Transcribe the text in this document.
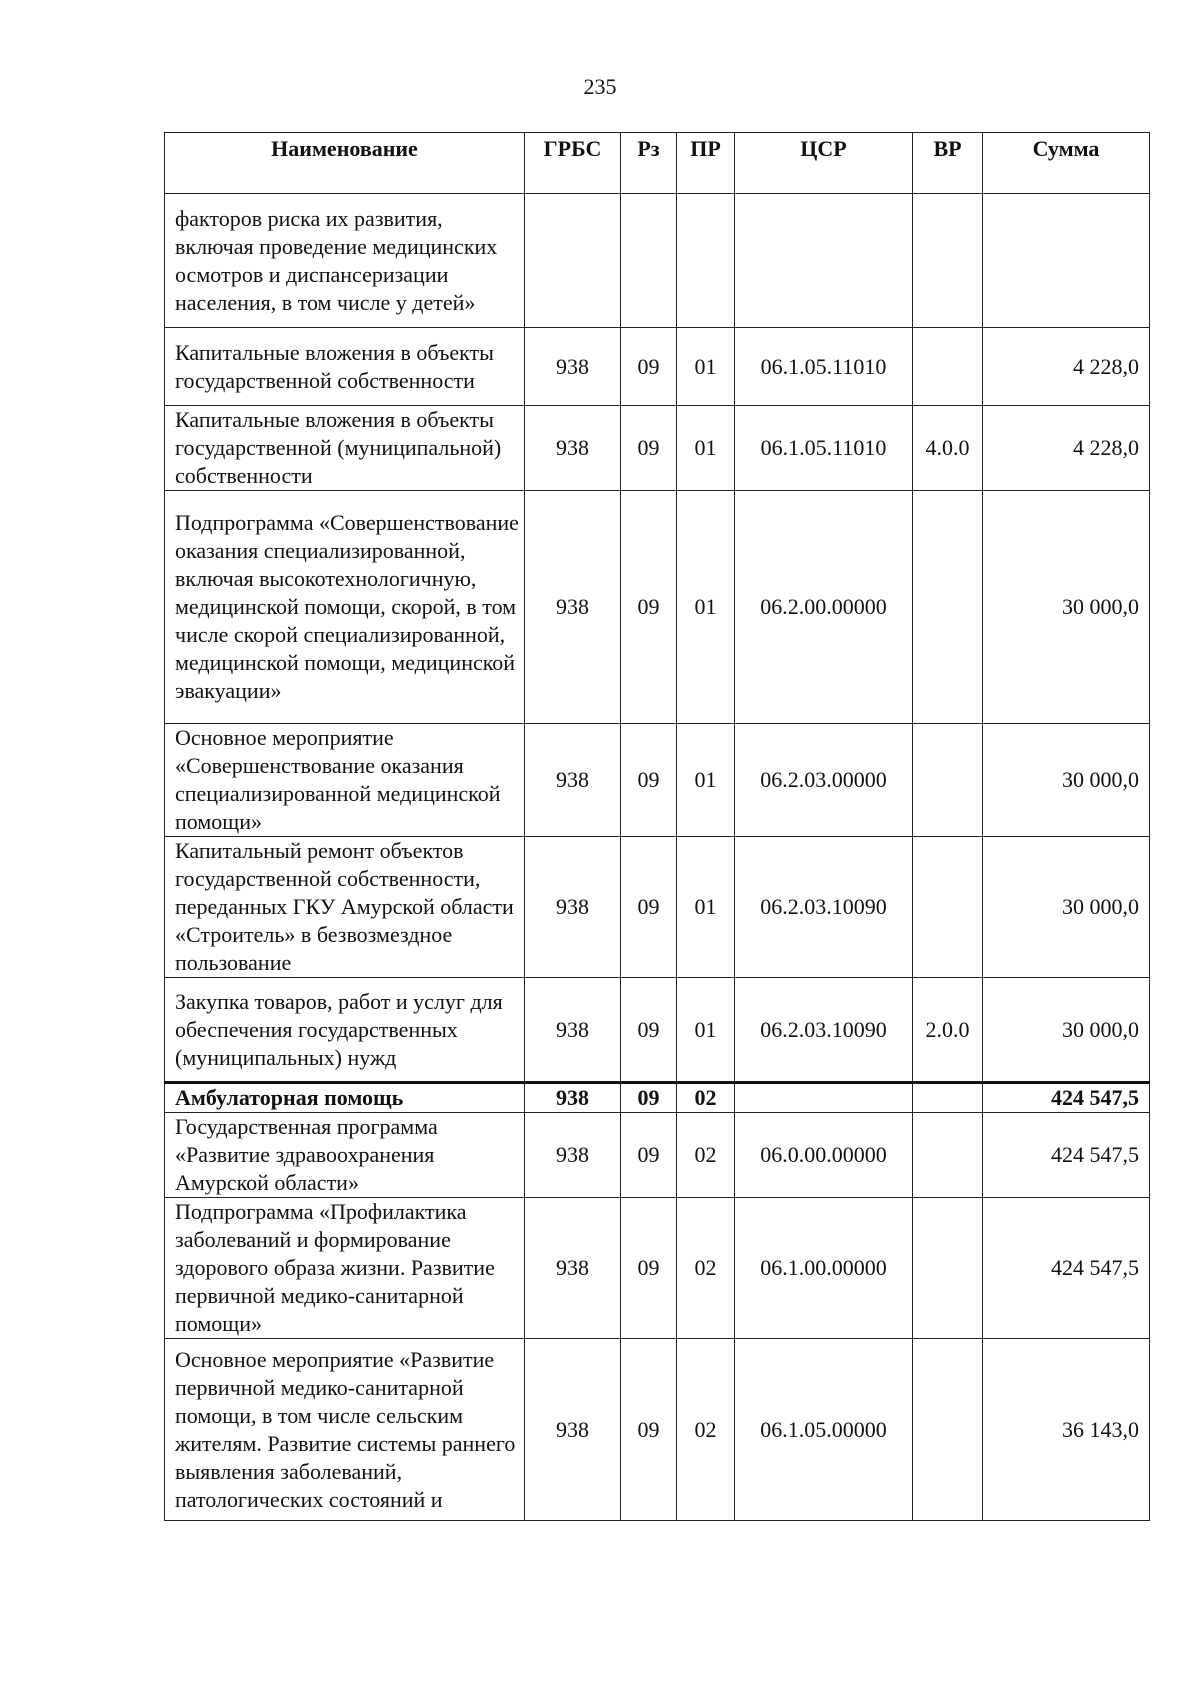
235
Наименование	ГРБС	Рз	ПР	ЦСР	ВР	Сумма
факторов риска их развития, включая проведение медицинских осмотров и диспансеризации населения, в том числе у детей»						
Капитальные вложения в объекты государственной собственности	938	09	01	06.1.05.11010		4 228,0
Капитальные вложения в объекты государственной (муниципальной) собственности	938	09	01	06.1.05.11010	4.0.0	4 228,0
Подпрограмма «Совершенствование оказания специализированной, включая высокотехнологичную, медицинской помощи, скорой, в том числе скорой специализированной, медицинской помощи, медицинской эвакуации»	938	09	01	06.2.00.00000		30 000,0
Основное мероприятие «Совершенствование оказания специализированной медицинской помощи»	938	09	01	06.2.03.00000		30 000,0
Капитальный ремонт объектов государственной собственности, переданных ГКУ Амурской области «Строитель» в безвозмездное пользование	938	09	01	06.2.03.10090		30 000,0
Закупка товаров, работ и услуг для обеспечения государственных (муниципальных) нужд	938	09	01	06.2.03.10090	2.0.0	30 000,0
Амбулаторная помощь	938	09	02			424 547,5
Государственная программа «Развитие здравоохранения Амурской области»	938	09	02	06.0.00.00000		424 547,5
Подпрограмма «Профилактика заболеваний и формирование здорового образа жизни. Развитие первичной медико-санитарной помощи»	938	09	02	06.1.00.00000		424 547,5
Основное мероприятие «Развитие первичной медико-санитарной помощи, в том числе сельским жителям. Развитие системы раннего выявления заболеваний, патологических состояний и	938	09	02	06.1.05.00000		36 143,0
